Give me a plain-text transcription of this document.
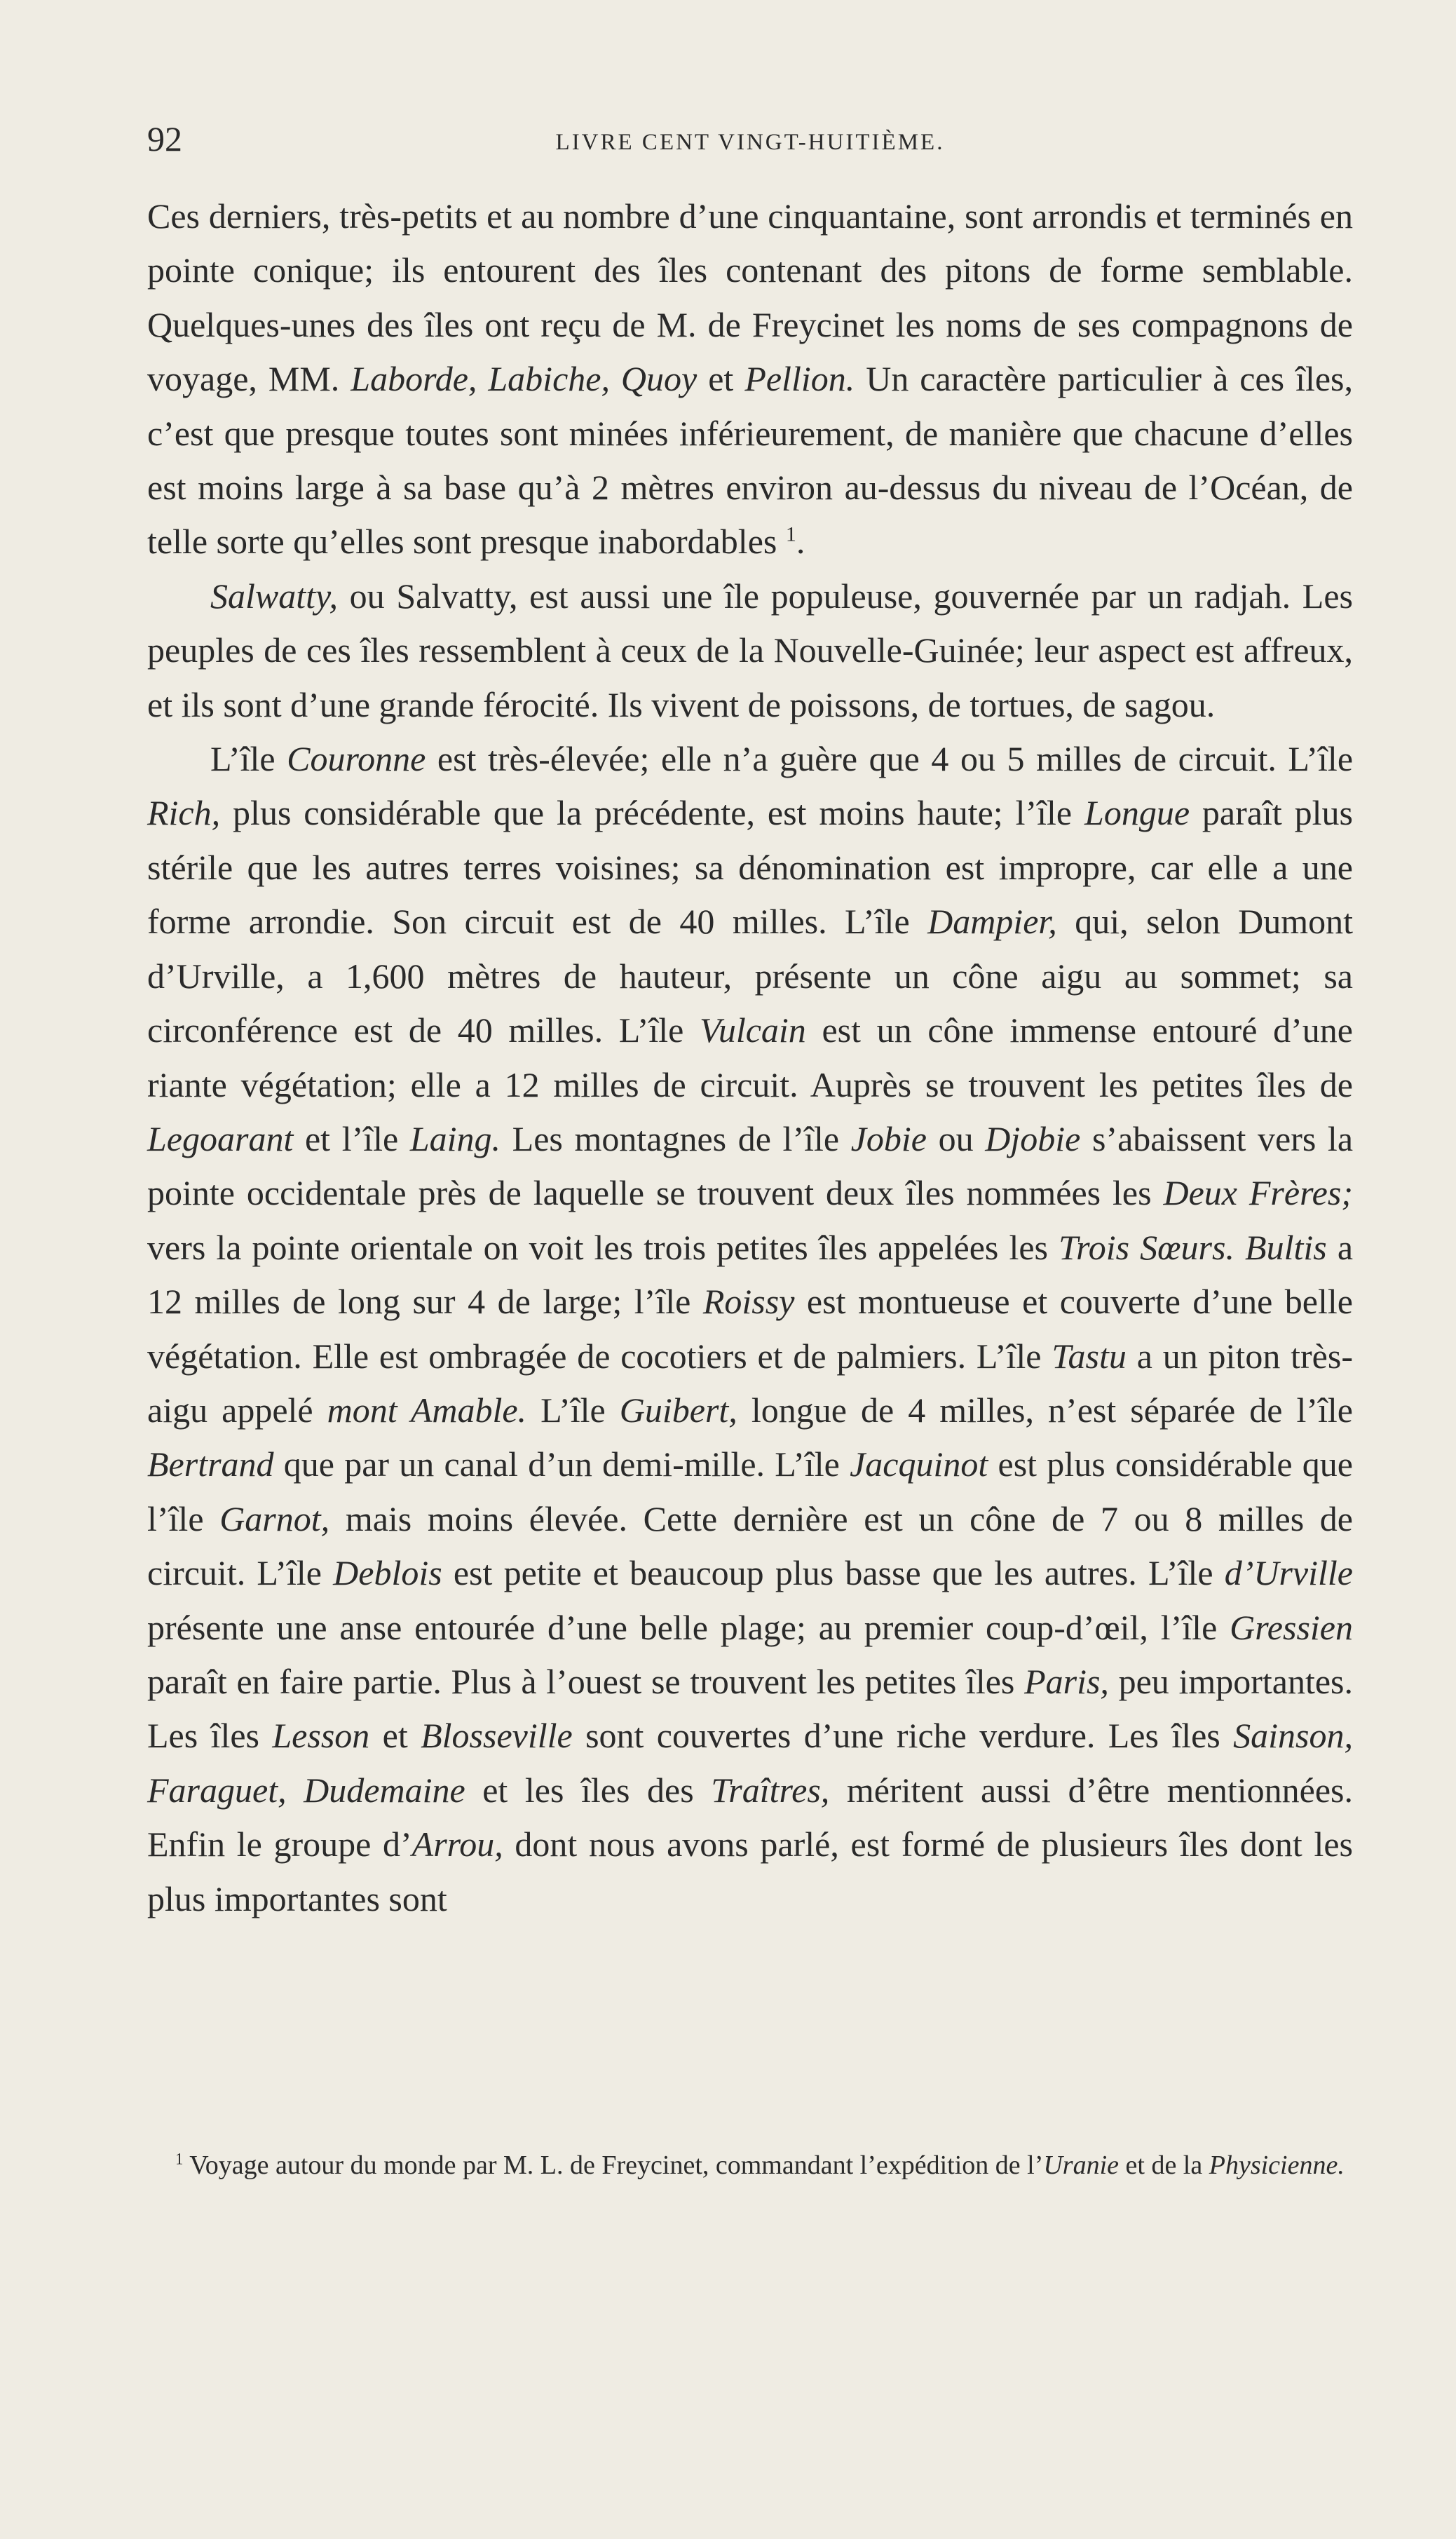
92	LIVRE CENT VINGT-HUITIÈME.

Ces derniers, très-petits et au nombre d’une cinquantaine, sont arrondis et terminés en pointe conique; ils entourent des îles contenant des pitons de forme semblable. Quelques-unes des îles ont reçu de M. de Freycinet les noms de ses compagnons de voyage, MM. Laborde, Labiche, Quoy et Pellion. Un caractère particulier à ces îles, c’est que presque toutes sont minées inférieurement, de manière que chacune d’elles est moins large à sa base qu’à 2 mètres environ au-dessus du niveau de l’Océan, de telle sorte qu’elles sont presque inabordables $^1$.

Salwatty, ou Salvatty, est aussi une île populeuse, gouvernée par un radjah. Les peuples de ces îles ressemblent à ceux de la Nouvelle-Guinée; leur aspect est affreux, et ils sont d’une grande férocité. Ils vivent de poissons, de tortues, de sagou.

L’île Couronne est très-élevée; elle n’a guère que 4 ou 5 milles de circuit. L’île Rich, plus considérable que la précédente, est moins haute; l’île Longue paraît plus stérile que les autres terres voisines; sa dénomination est impropre, car elle a une forme arrondie. Son circuit est de 40 milles. L’île Dampier, qui, selon Dumont d’Urville, a 1,600 mètres de hauteur, présente un cône aigu au sommet; sa circonférence est de 40 milles. L’île Vulcain est un cône immense entouré d’une riante végétation; elle a 12 milles de circuit. Auprès se trouvent les petites îles de Legoarant et l’île Laing. Les montagnes de l’île Jobie ou Djobie s’abaissent vers la pointe occidentale près de laquelle se trouvent deux îles nommées les Deux Frères; vers la pointe orientale on voit les trois petites îles appelées les Trois Sœurs. Bultis a 12 milles de long sur 4 de large; l’île Roissy est montueuse et couverte d’une belle végétation. Elle est ombragée de cocotiers et de palmiers. L’île Tastu a un piton très-aigu appelé mont Amable. L’île Guibert, longue de 4 milles, n’est séparée de l’île Bertrand que par un canal d’un demi-mille. L’île Jacquinot est plus considérable que l’île Garnot, mais moins élevée. Cette dernière est un cône de 7 ou 8 milles de circuit. L’île Deblois est petite et beaucoup plus basse que les autres. L’île d’Urville présente une anse entourée d’une belle plage; au premier coup-d’œil, l’île Gressien paraît en faire partie. Plus à l’ouest se trouvent les petites îles Paris, peu importantes. Les îles Lesson et Blosseville sont couvertes d’une riche verdure. Les îles Sainson, Faraguet, Dudemaine et les îles des Traîtres, méritent aussi d’être mentionnées. Enfin le groupe d’Arrou, dont nous avons parlé, est formé de plusieurs îles dont les plus importantes sont

$^1$ Voyage autour du monde par M. L. de Freycinet, commandant l’expédition de l’Uranie et de la Physicienne.
